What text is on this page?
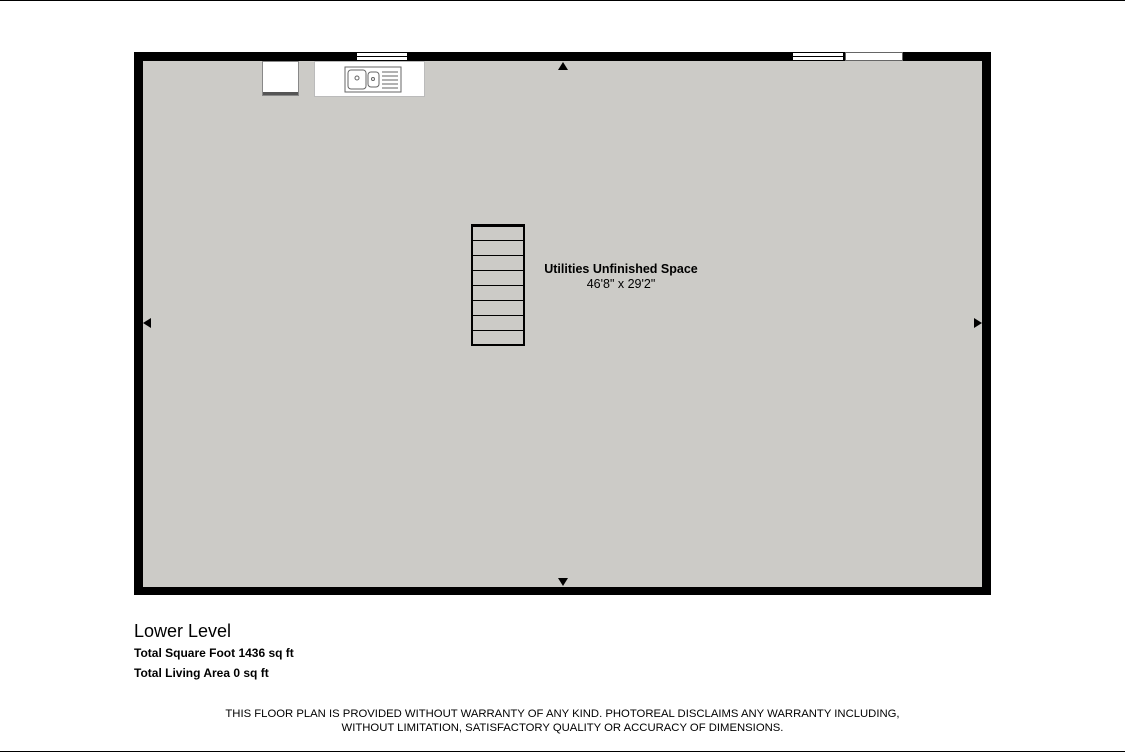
Utilities Unfinished Space
46'8" x 29'2"
Lower Level
Total Square Foot 1436 sq ft
Total Living Area 0 sq ft
THIS FLOOR PLAN IS PROVIDED WITHOUT WARRANTY OF ANY KIND. PHOTOREAL DISCLAIMS ANY WARRANTY INCLUDING,
WITHOUT LIMITATION, SATISFACTORY QUALITY OR ACCURACY OF DIMENSIONS.
